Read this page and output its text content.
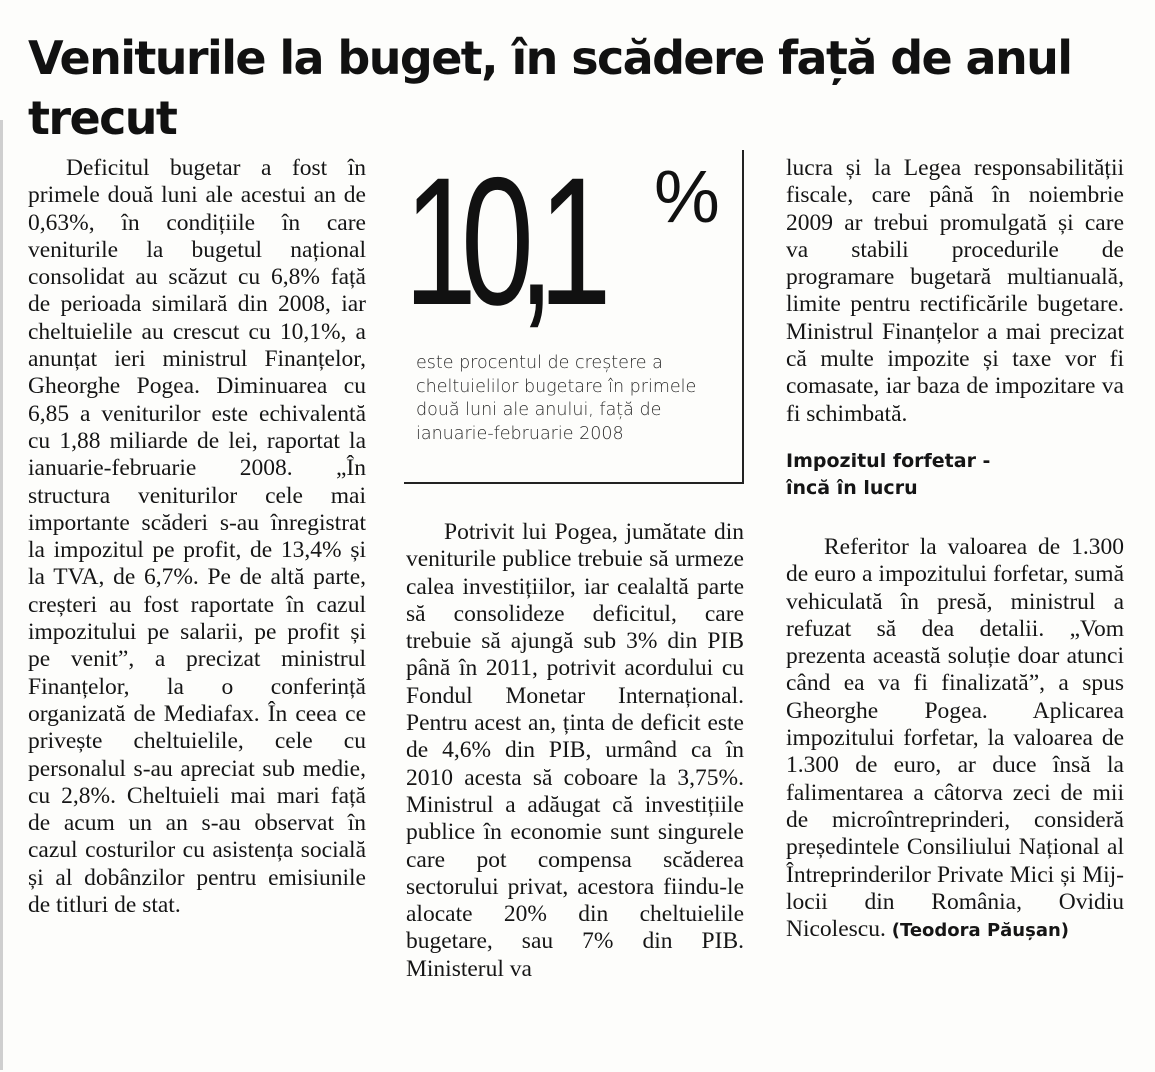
Veniturile la buget, în scădere față de anul trecut

Deficitul bugetar a fost în primele două luni ale acestui an de 0,63%, în condițiile în care veniturile la bugetul național consolidat au scăzut cu 6,8% față de perioada similară din 2008, iar cheltuielile au crescut cu 10,1%, a anunțat ieri ministrul Finanțelor, Gheorghe Pogea. Diminuarea cu 6,85 a veniturilor este echivalentă cu 1,88 miliarde de lei, raportat la ianuarie-februarie 2008. „În structura veniturilor cele mai importante scăderi s-au înregistrat la impozitul pe profit, de 13,4% și la TVA, de 6,7%. Pe de altă parte, creșteri au fost raportate în cazul impozitului pe salarii, pe profit și pe venit”, a precizat ministrul Finanțelor, la o conferință organizată de Mediafax. În ceea ce privește cheltuielile, cele cu personalul s-au apreciat sub medie, cu 2,8%. Cheltuieli mai mari față de acum un an s-au observat în cazul costurilor cu asistența socială și al dobânzilor pentru emisiunile de titluri de stat.

10,1 %

este procentul de creștere a cheltuielilor bugetare în primele două luni ale anului, față de ianuarie-februarie 2008

Potrivit lui Pogea, jumătate din veniturile publice trebuie să urmeze calea investițiilor, iar cealaltă parte să consolideze deficitul, care trebuie să ajungă sub 3% din PIB până în 2011, potrivit acordului cu Fondul Monetar Internațional. Pentru acest an, ținta de deficit este de 4,6% din PIB, urmând ca în 2010 acesta să coboare la 3,75%. Ministrul a adăugat că investițiile publice în economie sunt singurele care pot compensa scăderea sectorului privat, acestora fiindu-le alocate 20% din cheltuielile bugetare, sau 7% din PIB. Ministerul va

lucra și la Legea responsabilității fiscale, care până în noiembrie 2009 ar trebui promulgată și care va stabili procedurile de programare bugetară multianuală, limite pentru rectificările bugetare. Ministrul Finanțelor a mai precizat că multe impozite și taxe vor fi comasate, iar baza de impozitare va fi schimbată.

Impozitul forfetar -
încă în lucru

Referitor la valoarea de 1.300 de euro a impozitului forfetar, sumă vehiculată în presă, ministrul a refuzat să dea detalii. „Vom prezenta această soluție doar atunci când ea va fi finalizată”, a spus Gheorghe Pogea. Aplicarea impozitului forfetar, la valoarea de 1.300 de euro, ar duce însă la falimentarea a câtorva zeci de mii de microîntreprinderi, consideră președintele Consiliului Național al Întreprinderilor Private Mici și Mijlocii din România, Ovidiu Nicolescu. (Teodora Păușan)
